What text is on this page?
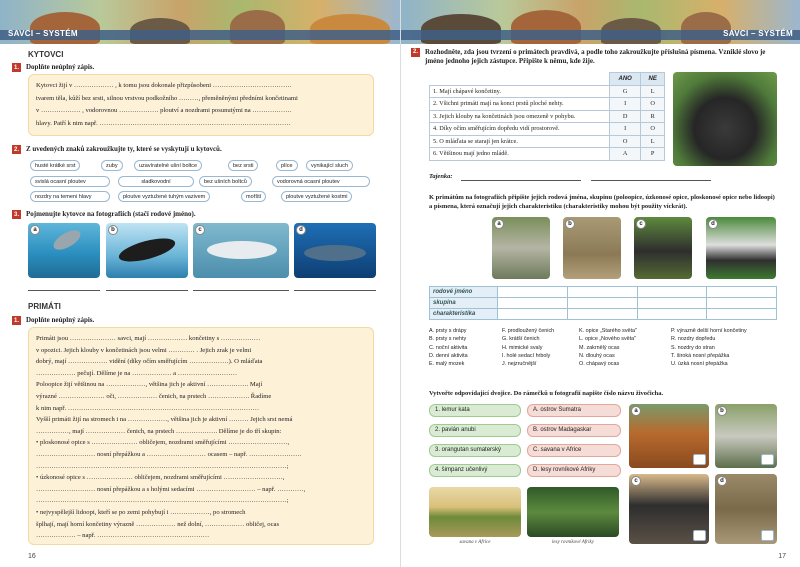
SAVCI – SYSTÉM
KYTOVCI
1. Doplňte neúplný zápis.
Kytovci žijí v ……………… , k tomu jsou dokonale přizpůsobeni ………………………………
tvarem těla, kůží bez srsti, silnou vrstvou podkožního ………, přeměněnými předními končetinami
v ……………… , vodorovnou ……………… ploutví a nozdrami posunutými na ………………
hlavy. Patří k nim např. ……………………………………………………………………………
2. Z uvedených znaků zakroužkujte ty, které se vyskytují u kytovců.
husté krátké srst	zuby	uzavíratelné ušní boltce	bez srsti	plíce	vynikající sluch
svislá ocasní ploutev	sladkovodní	bez ušních boltců	vodorovná ocasní ploutev
nozdry na temeni hlavy	ploutve vyztužené tuhým vazivem	mořští	ploutve vyztužené kostmi
3. Pojmenujte kytovce na fotografiích (stačí rodové jméno).
a	b	c	d
PRIMÁTI
1. Doplňte neúplný zápis.
Primáti jsou ………………… savci, mají ……………… končetiny s ………………
v opozici. Jejich klouby v končetinách jsou velmi ………… . Jejich zrak je velmi
dobrý, mají ……………… vidění (díky očím směřujícím ………………). O mláďata
……………… pečují. Dělíme je na ……………… a ………………………
Poloopice žijí většinou na ………………, většina jich je aktivní ………………. Mají
výrazné ………………… oči, ……………… čenich, na prstech ………………. Řadíme
k nim např. ……………………………………………………………………………
Vyšší primáti žijí na stromech i na ………………, většina jich je aktivní ……… Jejich srst nemá
……………, mají ……………… čenich, na prstech ………………. Dělíme je do tří skupin:
• ploskonosé opice s ………………… obličejem, nozdrami směřujícími ………………………,
……………………… nosní přepážkou a ……………………… ocasem – např. ……………………
……………………………………………………………………………………………………;
• úzkonosé opice s ………………… obličejem, nozdrami směřujícími ………………………,
……………………… nosní přepážkou a s holými sedacími ……………………… – např. …………,
……………………………………………………………………………………………………;
• nejvyspělejší lidoopi, kteří se po zemi pohybují i ………………, po stromech
šplhají, mají horní končetiny výrazně ……………… než dolní, ……………… obličej, ocas
……………… – např. ……………………………………………
16
SAVCI – SYSTÉM
2. Rozhodněte, zda jsou tvrzení o primátech pravdivá, a podle toho zakroužkujte příslušná písmena. Vzniklé slovo je jméno jednoho jejich zástupce. Připište k němu, kde žije.
	ANO	NE
1. Mají chápavé končetiny.	G	L
2. Všichni primáti mají na konci prstů ploché nehty.	I	O
3. Jejich klouby na končetinách jsou omezeně v pohybu.	D	R
4. Díky očím směřujícím dopředu vidí prostorově.	I	O
5. O mláďata se starají jen krátce.	O	L
6. Většinou mají jedno mládě.	A	P
Tajenka:
K primátům na fotografiích připište jejich rodová jména, skupinu (poloopice, úzkonosé opice, ploskonosé opice nebo lidoopi) a písmena, která označují jejich charakteristiku (charakteristiky mohou být použity víckrát).
a	b	c	d
rodové jméno				
skupina				
charakteristika				
A. prsty s drápy
B. prsty s nehty
C. noční aktivita
D. denní aktivita
E. malý mozek
F. prodloužený čenich
G. krátší čenich
H. mimické svaly
I. holé sedací hrboly
J. nejzručnější
K. opice „Starého světa"
L. opice „Nového světa"
M. zakrnělý ocas
N. dlouhý ocas
O. chápavý ocas
P. výrazně delší horní končetiny
R. nozdry dopředu
S. nozdry do stran
T. široká nosní přepážka
U. úzká nosní přepážka
Vytvořte odpovídající dvojice. Do rámečků u fotografií napište číslo názvu živočicha.
1. lemur kata
2. pavián anubi
3. orangutan sumaterský
4. šimpanz učenlivý
A. ostrov Sumatra
B. ostrov Madagaskar
C. savana v Africe
D. lesy rovníkové Afriky
savana v Africe	lesy rovníkové Afriky
a	b
c	d
17
